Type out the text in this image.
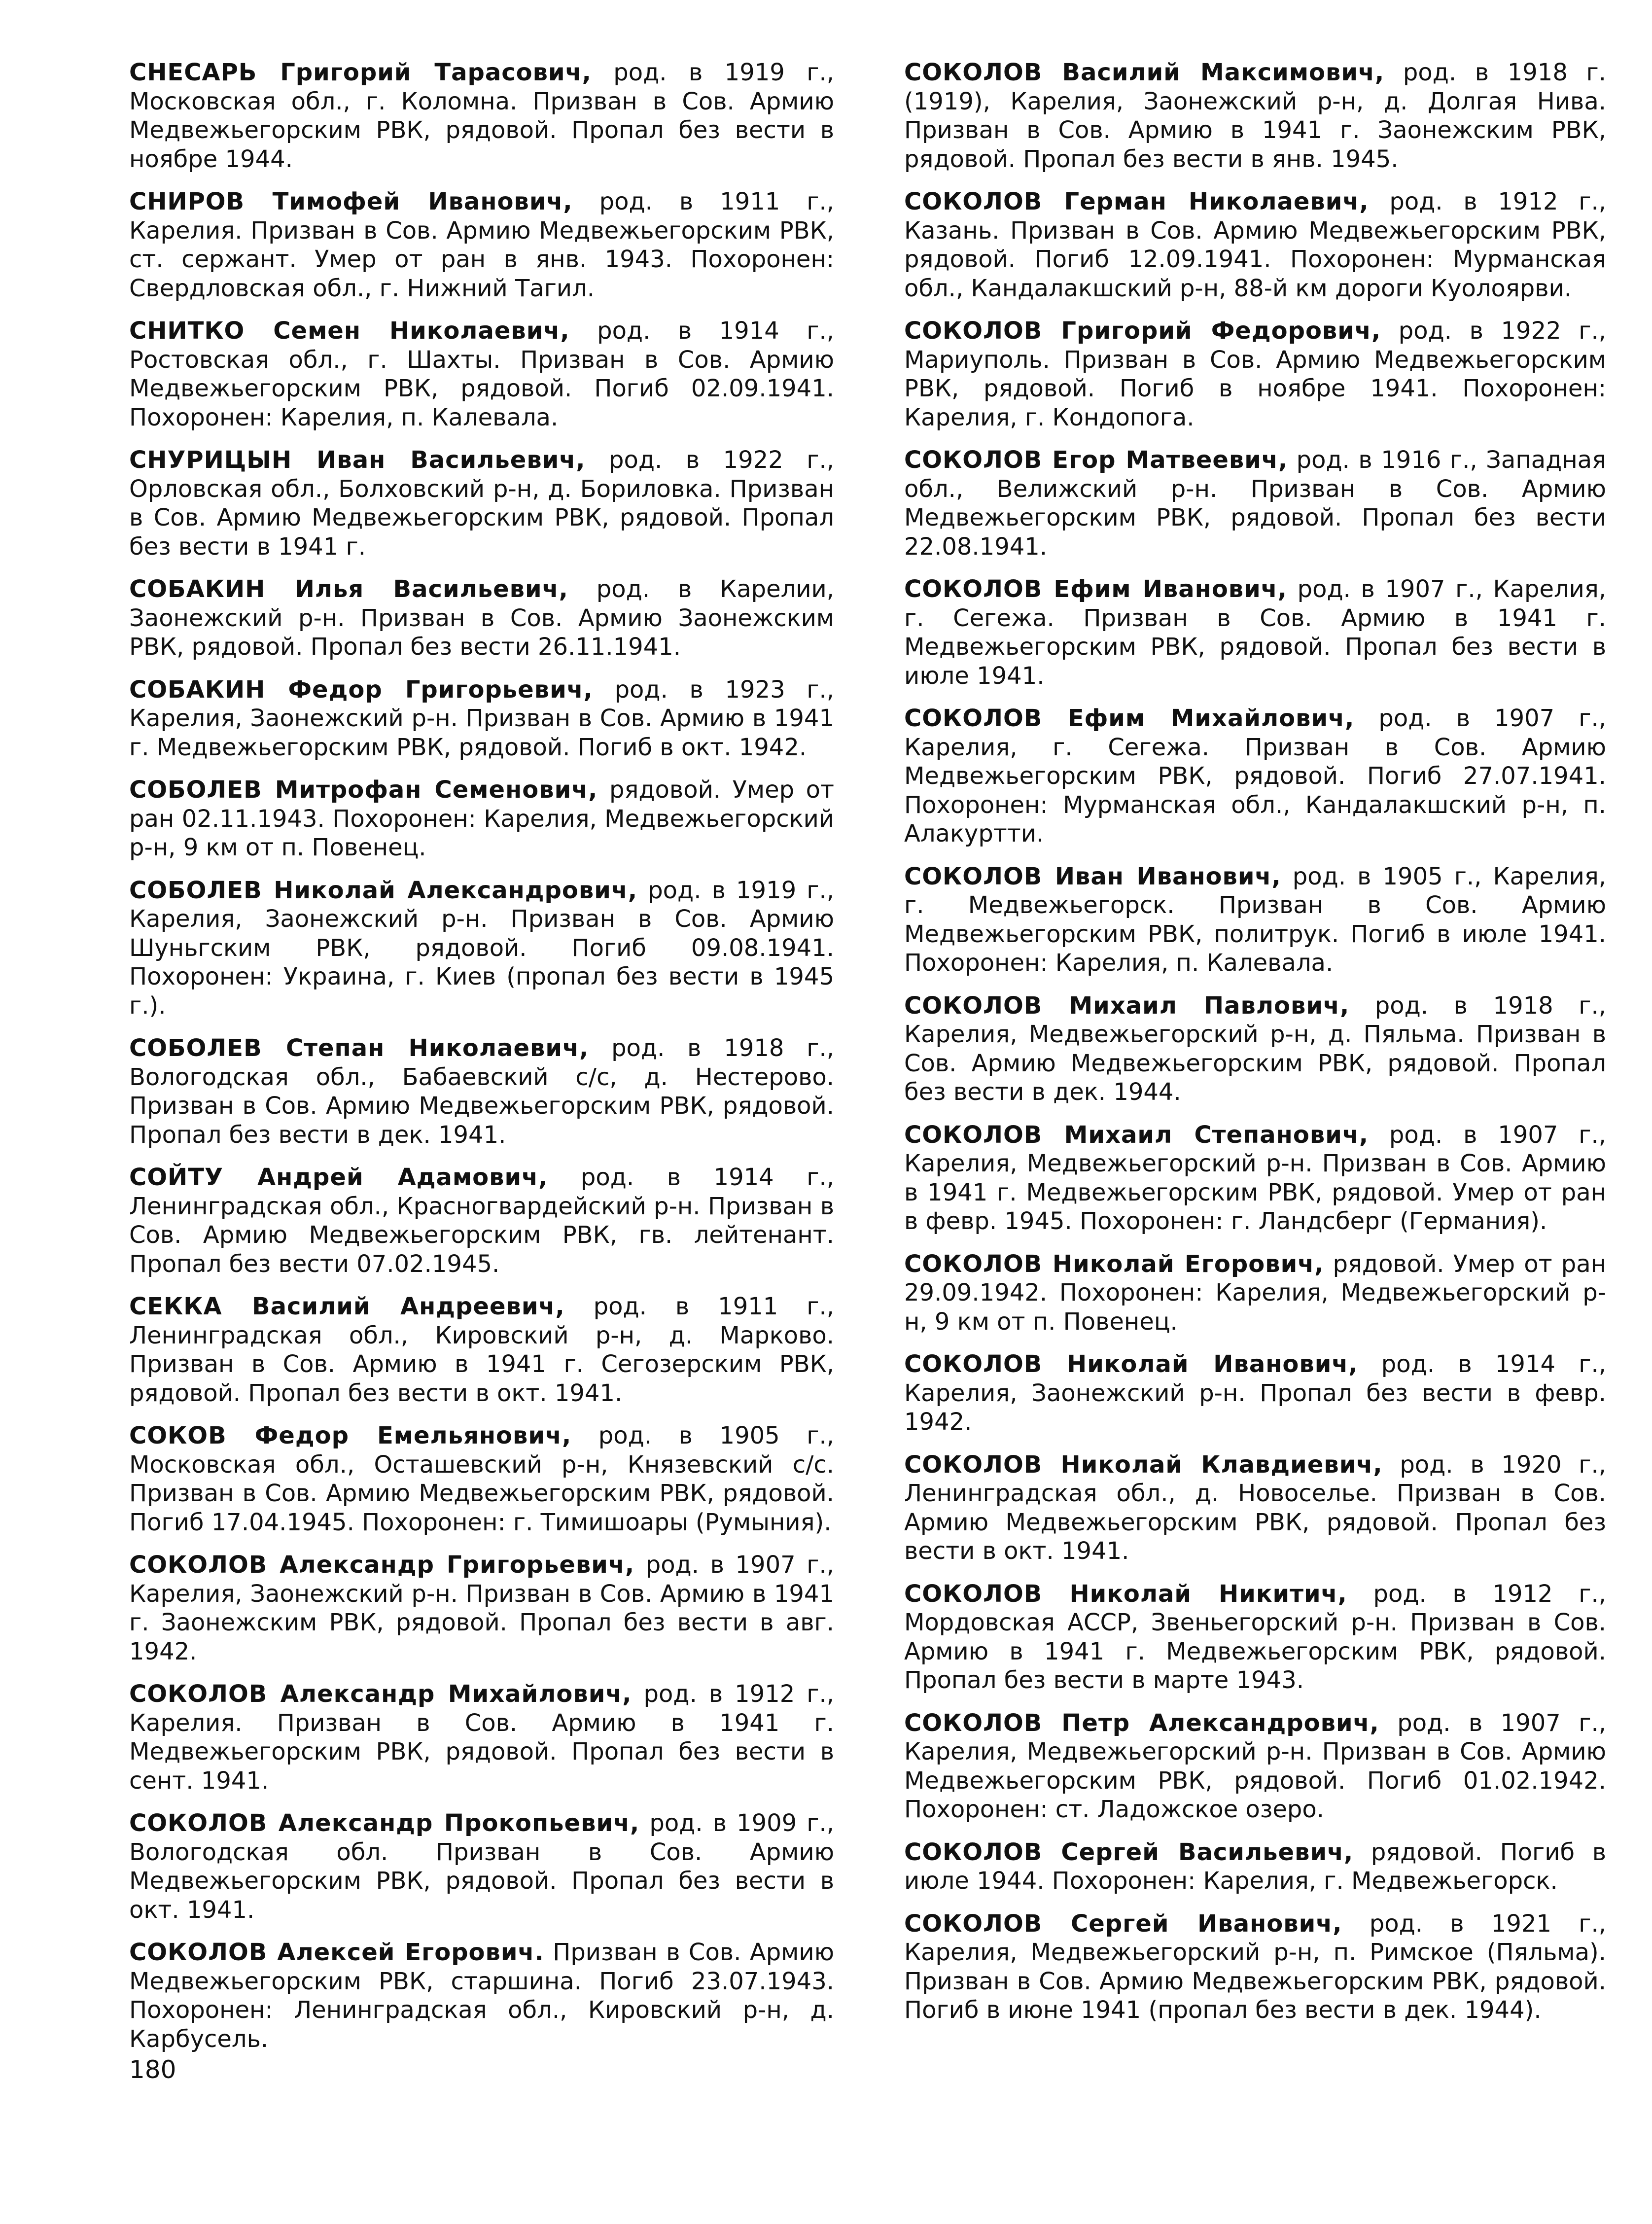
СНЕСАРЬ Григорий Тарасович, род. в 1919 г., Московская обл., г. Коломна. Призван в Сов. Армию Медвежьегорским РВК, рядовой. Пропал без вести в ноябре 1944.

СНИРОВ Тимофей Иванович, род. в 1911 г., Карелия. Призван в Сов. Армию Медвежьегорским РВК, ст. сержант. Умер от ран в янв. 1943. Похоронен: Свердловская обл., г. Нижний Тагил.

СНИТКО Семен Николаевич, род. в 1914 г., Ростовская обл., г. Шахты. Призван в Сов. Армию Медвежьегорским РВК, рядовой. Погиб 02.09.1941. Похоронен: Карелия, п. Калевала.

СНУРИЦЫН Иван Васильевич, род. в 1922 г., Орловская обл., Болховский р-н, д. Бориловка. Призван в Сов. Армию Медвежьегорским РВК, рядовой. Пропал без вести в 1941 г.

СОБАКИН Илья Васильевич, род. в Карелии, Заонежский р-н. Призван в Сов. Армию Заонежским РВК, рядовой. Пропал без вести 26.11.1941.

СОБАКИН Федор Григорьевич, род. в 1923 г., Карелия, Заонежский р-н. Призван в Сов. Армию в 1941 г. Медвежьегорским РВК, рядовой. Погиб в окт. 1942.

СОБОЛЕВ Митрофан Семенович, рядовой. Умер от ран 02.11.1943. Похоронен: Карелия, Медвежьегорский р-н, 9 км от п. Повенец.

СОБОЛЕВ Николай Александрович, род. в 1919 г., Карелия, Заонежский р-н. Призван в Сов. Армию Шуньгским РВК, рядовой. Погиб 09.08.1941. Похоронен: Украина, г. Киев (пропал без вести в 1945 г.).

СОБОЛЕВ Степан Николаевич, род. в 1918 г., Вологодская обл., Бабаевский с/с, д. Нестерово. Призван в Сов. Армию Медвежьегорским РВК, рядовой. Пропал без вести в дек. 1941.

СОЙТУ Андрей Адамович, род. в 1914 г., Ленинградская обл., Красногвардейский р-н. Призван в Сов. Армию Медвежьегорским РВК, гв. лейтенант. Пропал без вести 07.02.1945.

СЕККА Василий Андреевич, род. в 1911 г., Ленинградская обл., Кировский р-н, д. Марково. Призван в Сов. Армию в 1941 г. Сегозерским РВК, рядовой. Пропал без вести в окт. 1941.

СОКОВ Федор Емельянович, род. в 1905 г., Московская обл., Осташевский р-н, Князевский с/с. Призван в Сов. Армию Медвежьегорским РВК, рядовой. Погиб 17.04.1945. Похоронен: г. Тимишоары (Румыния).

СОКОЛОВ Александр Григорьевич, род. в 1907 г., Карелия, Заонежский р-н. Призван в Сов. Армию в 1941 г. Заонежским РВК, рядовой. Пропал без вести в авг. 1942.

СОКОЛОВ Александр Михайлович, род. в 1912 г., Карелия. Призван в Сов. Армию в 1941 г. Медвежьегорским РВК, рядовой. Пропал без вести в сент. 1941.

СОКОЛОВ Александр Прокопьевич, род. в 1909 г., Вологодская обл. Призван в Сов. Армию Медвежьегорским РВК, рядовой. Пропал без вести в окт. 1941.

СОКОЛОВ Алексей Егорович. Призван в Сов. Армию Медвежьегорским РВК, старшина. Погиб 23.07.1943. Похоронен: Ленинградская обл., Кировский р-н, д. Карбусель.

СОКОЛОВ Василий Максимович, род. в 1918 г. (1919), Карелия, Заонежский р-н, д. Долгая Нива. Призван в Сов. Армию в 1941 г. Заонежским РВК, рядовой. Пропал без вести в янв. 1945.

СОКОЛОВ Герман Николаевич, род. в 1912 г., Казань. Призван в Сов. Армию Медвежьегорским РВК, рядовой. Погиб 12.09.1941. Похоронен: Мурманская обл., Кандалакшский р-н, 88-й км дороги Куолоярви.

СОКОЛОВ Григорий Федорович, род. в 1922 г., Мариуполь. Призван в Сов. Армию Медвежьегорским РВК, рядовой. Погиб в ноябре 1941. Похоронен: Карелия, г. Кондопога.

СОКОЛОВ Егор Матвеевич, род. в 1916 г., Западная обл., Велижский р-н. Призван в Сов. Армию Медвежьегорским РВК, рядовой. Пропал без вести 22.08.1941.

СОКОЛОВ Ефим Иванович, род. в 1907 г., Карелия, г. Сегежа. Призван в Сов. Армию в 1941 г. Медвежьегорским РВК, рядовой. Пропал без вести в июле 1941.

СОКОЛОВ Ефим Михайлович, род. в 1907 г., Карелия, г. Сегежа. Призван в Сов. Армию Медвежьегорским РВК, рядовой. Погиб 27.07.1941. Похоронен: Мурманская обл., Кандалакшский р-н, п. Алакуртти.

СОКОЛОВ Иван Иванович, род. в 1905 г., Карелия, г. Медвежьегорск. Призван в Сов. Армию Медвежьегорским РВК, политрук. Погиб в июле 1941. Похоронен: Карелия, п. Калевала.

СОКОЛОВ Михаил Павлович, род. в 1918 г., Карелия, Медвежьегорский р-н, д. Пяльма. Призван в Сов. Армию Медвежьегорским РВК, рядовой. Пропал без вести в дек. 1944.

СОКОЛОВ Михаил Степанович, род. в 1907 г., Карелия, Медвежьегорский р-н. Призван в Сов. Армию в 1941 г. Медвежьегорским РВК, рядовой. Умер от ран в февр. 1945. Похоронен: г. Ландсберг (Германия).

СОКОЛОВ Николай Егорович, рядовой. Умер от ран 29.09.1942. Похоронен: Карелия, Медвежьегорский р-н, 9 км от п. Повенец.

СОКОЛОВ Николай Иванович, род. в 1914 г., Карелия, Заонежский р-н. Пропал без вести в февр. 1942.

СОКОЛОВ Николай Клавдиевич, род. в 1920 г., Ленинградская обл., д. Новоселье. Призван в Сов. Армию Медвежьегорским РВК, рядовой. Пропал без вести в окт. 1941.

СОКОЛОВ Николай Никитич, род. в 1912 г., Мордовская АССР, Звеньегорский р-н. Призван в Сов. Армию в 1941 г. Медвежьегорским РВК, рядовой. Пропал без вести в марте 1943.

СОКОЛОВ Петр Александрович, род. в 1907 г., Карелия, Медвежьегорский р-н. Призван в Сов. Армию Медвежьегорским РВК, рядовой. Погиб 01.02.1942. Похоронен: ст. Ладожское озеро.

СОКОЛОВ Сергей Васильевич, рядовой. Погиб в июле 1944. Похоронен: Карелия, г. Медвежьегорск.

СОКОЛОВ Сергей Иванович, род. в 1921 г., Карелия, Медвежьегорский р-н, п. Римское (Пяльма). Призван в Сов. Армию Медвежьегорским РВК, рядовой. Погиб в июне 1941 (пропал без вести в дек. 1944).

180
